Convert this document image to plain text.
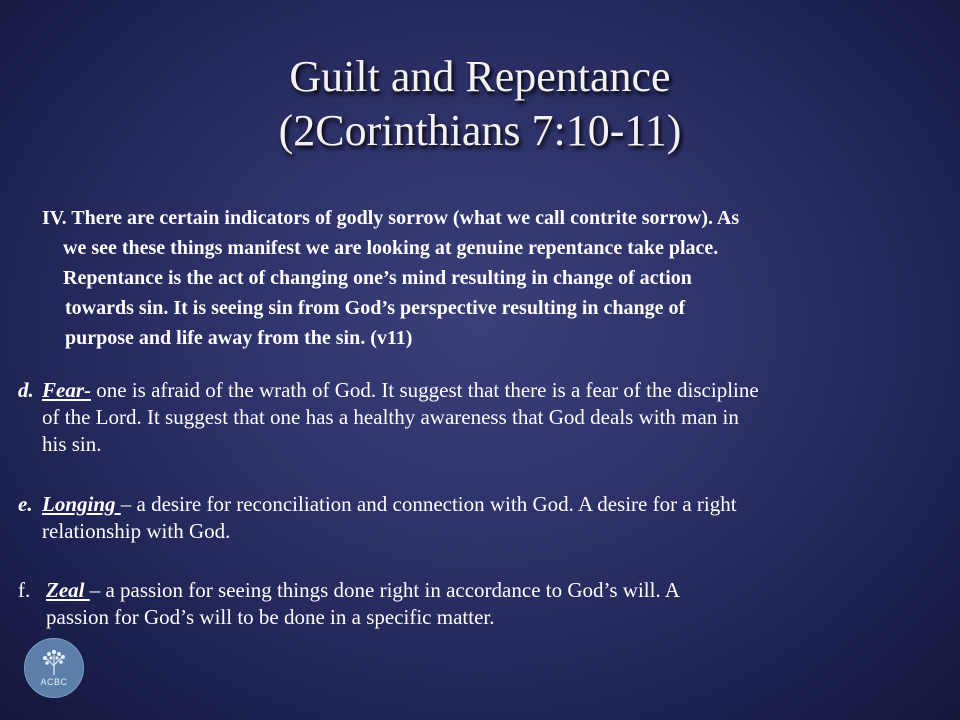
Guilt and Repentance
(2Corinthians 7:10-11)
IV. There are certain indicators of godly sorrow (what we call contrite sorrow). As
we see these things manifest we are looking at genuine repentance take place.
Repentance is the act of changing one’s mind resulting in change of action
towards sin. It is seeing sin from God’s perspective resulting in change of
purpose and life away from the sin. (v11)
d. Fear- one is afraid of the wrath of God. It suggest that there is a fear of the discipline
of the Lord. It suggest that one has a healthy awareness that God deals with man in
his sin.
e. Longing – a desire for reconciliation and connection with God. A desire for a right
relationship with God.
f. Zeal – a passion for seeing things done right in accordance to God’s will. A
passion for God’s will to be done in a specific matter.
ACBC
